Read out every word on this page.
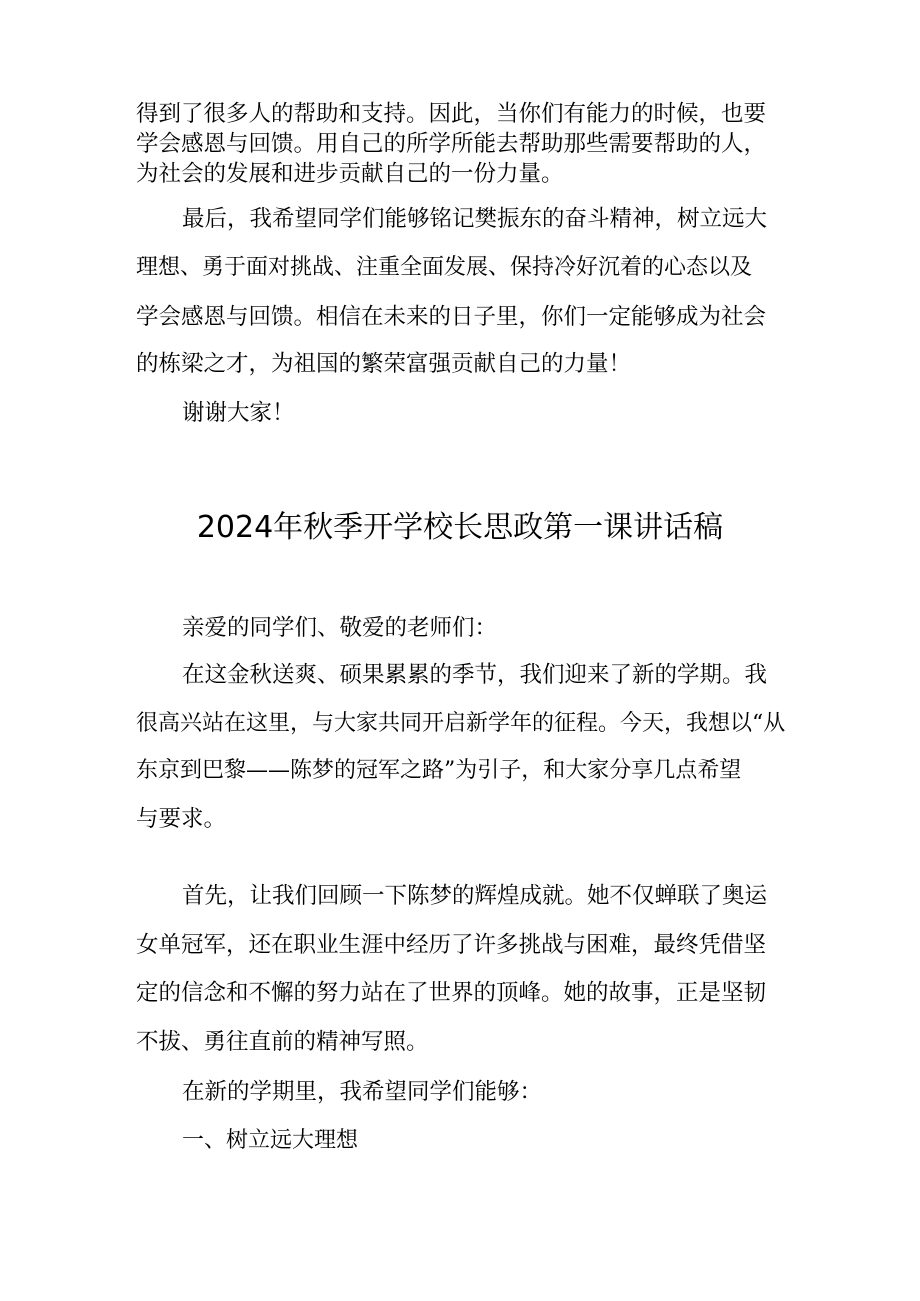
得到了很多人的帮助和支持。因此，当你们有能力的时候，也要
学会感恩与回馈。用自己的所学所能去帮助那些需要帮助的人，
为社会的发展和进步贡献自己的一份力量。
最后，我希望同学们能够铭记樊振东的奋斗精神，树立远大
理想、勇于面对挑战、注重全面发展、保持冷好沉着的心态以及
学会感恩与回馈。相信在未来的日子里，你们一定能够成为社会
的栋梁之才，为祖国的繁荣富强贡献自己的力量！
谢谢大家！
2024年秋季开学校长思政第一课讲话稿
亲爱的同学们、敬爱的老师们：
在这金秋送爽、硕果累累的季节，我们迎来了新的学期。我
很高兴站在这里，与大家共同开启新学年的征程。今天，我想以“从
东京到巴黎——陈梦的冠军之路”为引子，和大家分享几点希望
与要求。
首先，让我们回顾一下陈梦的辉煌成就。她不仅蝉联了奥运
女单冠军，还在职业生涯中经历了许多挑战与困难，最终凭借坚
定的信念和不懈的努力站在了世界的顶峰。她的故事，正是坚韧
不拔、勇往直前的精神写照。
在新的学期里，我希望同学们能够：
一、树立远大理想
